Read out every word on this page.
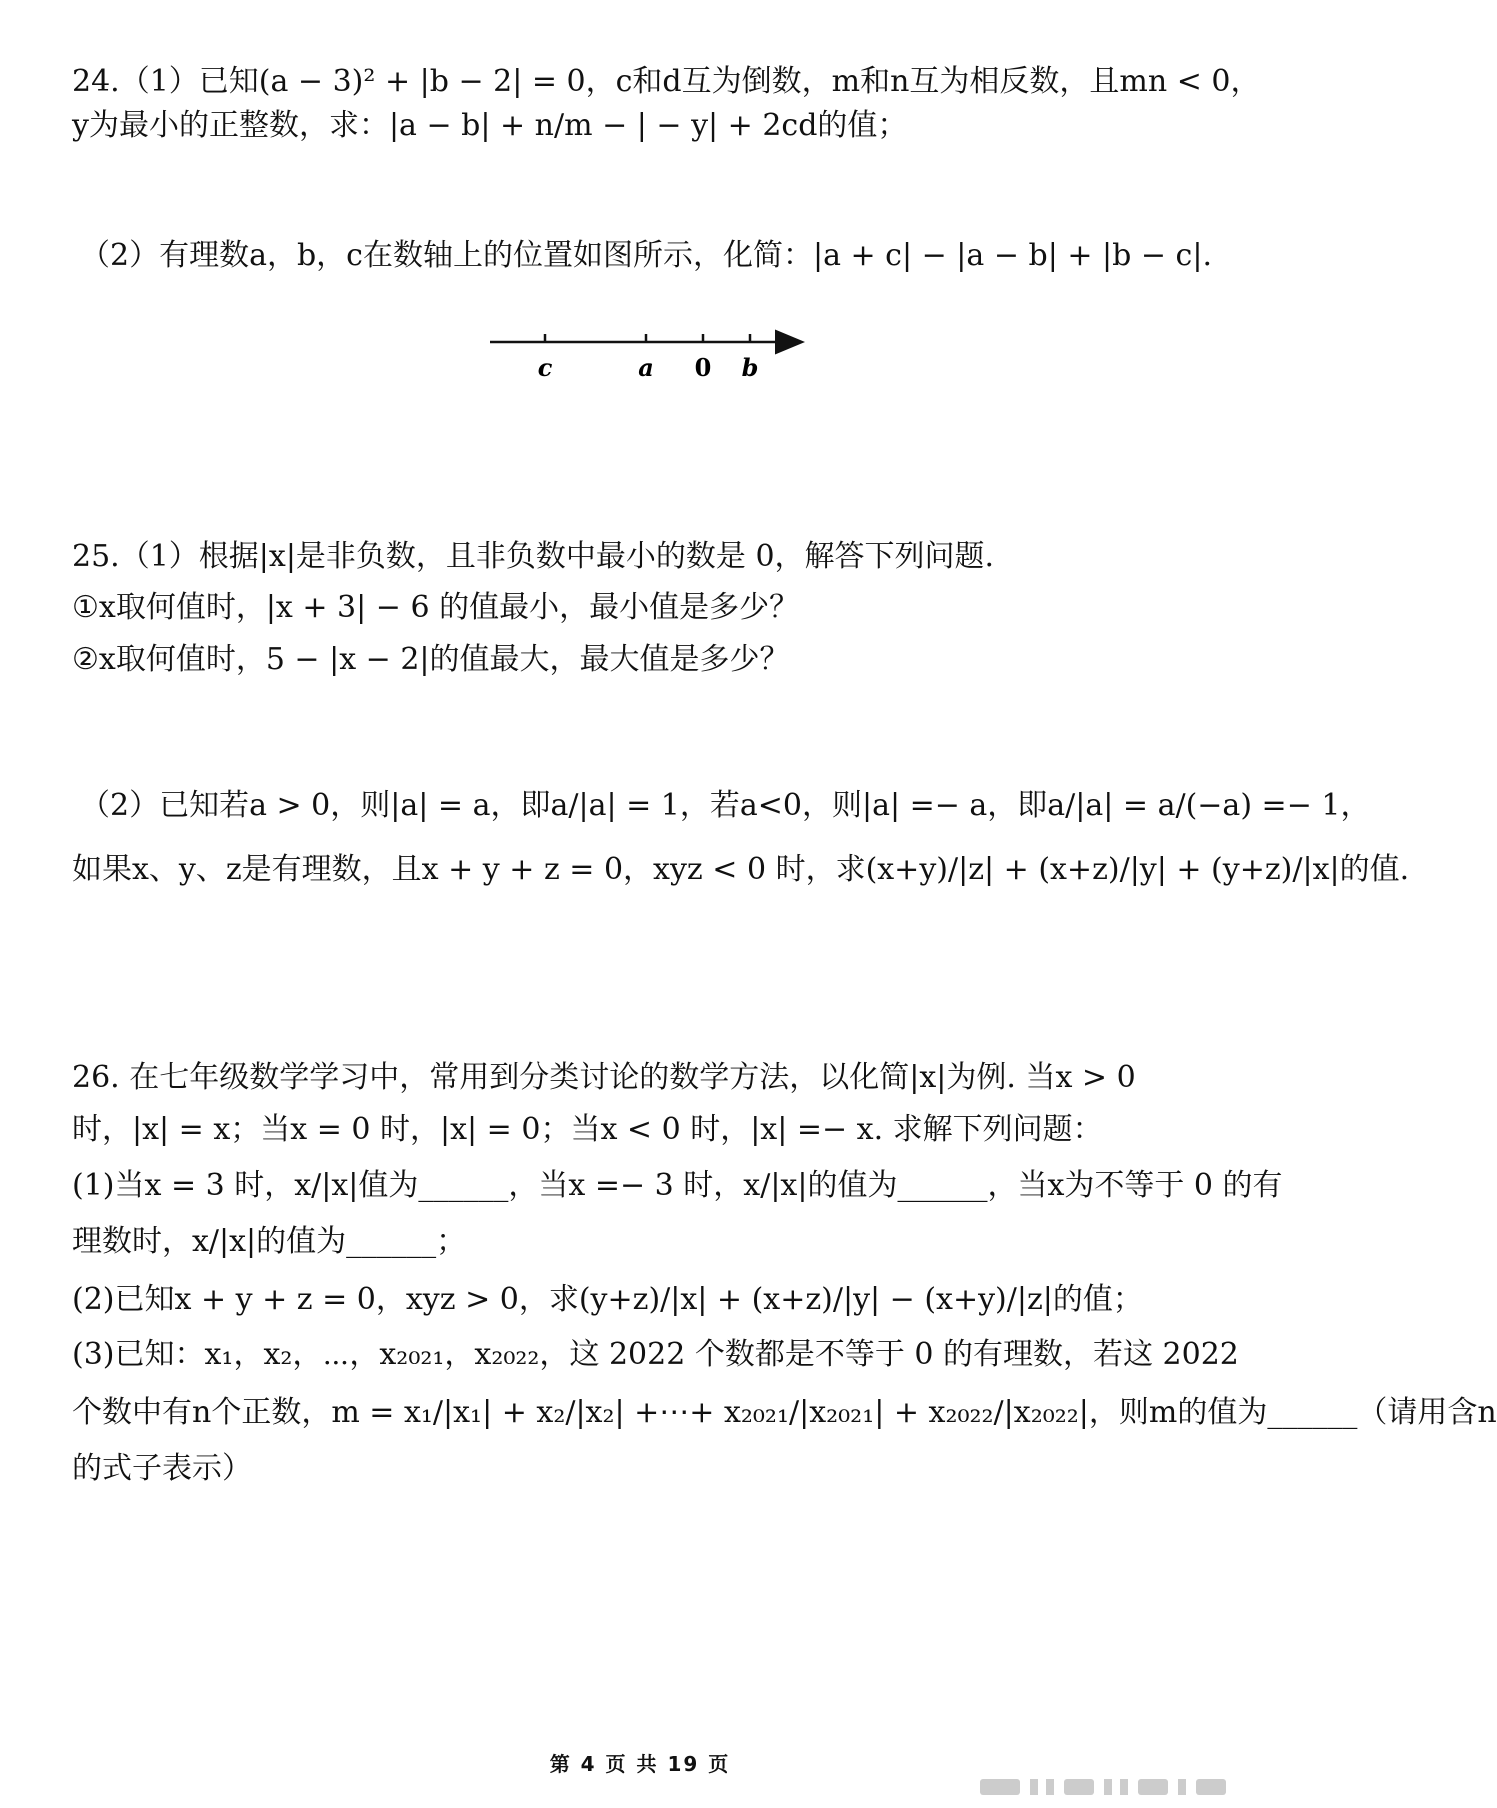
24.（1）已知(a − 3)² + |b − 2| = 0，c和d互为倒数，m和n互为相反数，且mn < 0，
y为最小的正整数，求：|a − b| + n/m − | − y| + 2cd的值；
（2）有理数a，b，c在数轴上的位置如图所示，化简：|a + c| − |a − b| + |b − c|.
c	a 0 b
25.（1）根据|x|是非负数，且非负数中最小的数是 0，解答下列问题.
①x取何值时，|x + 3| − 6 的值最小，最小值是多少？
②x取何值时，5 − |x − 2|的值最大，最大值是多少？
（2）已知若a > 0，则|a| = a，即a/|a| = 1，若a<0，则|a| =− a，即a/|a| = a/(−a) =− 1，
如果x、y、z是有理数，且x + y + z = 0，xyz < 0 时，求(x+y)/|z| + (x+z)/|y| + (y+z)/|x|的值.
26. 在七年级数学学习中，常用到分类讨论的数学方法，以化简|x|为例. 当x > 0
时，|x| = x；当x = 0 时，|x| = 0；当x < 0 时，|x| =− x. 求解下列问题：
(1)当x = 3 时，x/|x|值为______，当x =− 3 时，x/|x|的值为______，当x为不等于 0 的有
理数时，x/|x|的值为______；
(2)已知x + y + z = 0，xyz > 0，求(y+z)/|x| + (x+z)/|y| − (x+y)/|z|的值；
(3)已知：x₁，x₂，⋯，x₂₀₂₁，x₂₀₂₂，这 2022 个数都是不等于 0 的有理数，若这 2022
个数中有n个正数，m = x₁/|x₁| + x₂/|x₂| +⋯+ x₂₀₂₁/|x₂₀₂₁| + x₂₀₂₂/|x₂₀₂₂|，则m的值为______（请用含n
的式子表示）
第 4 页 共 19 页
